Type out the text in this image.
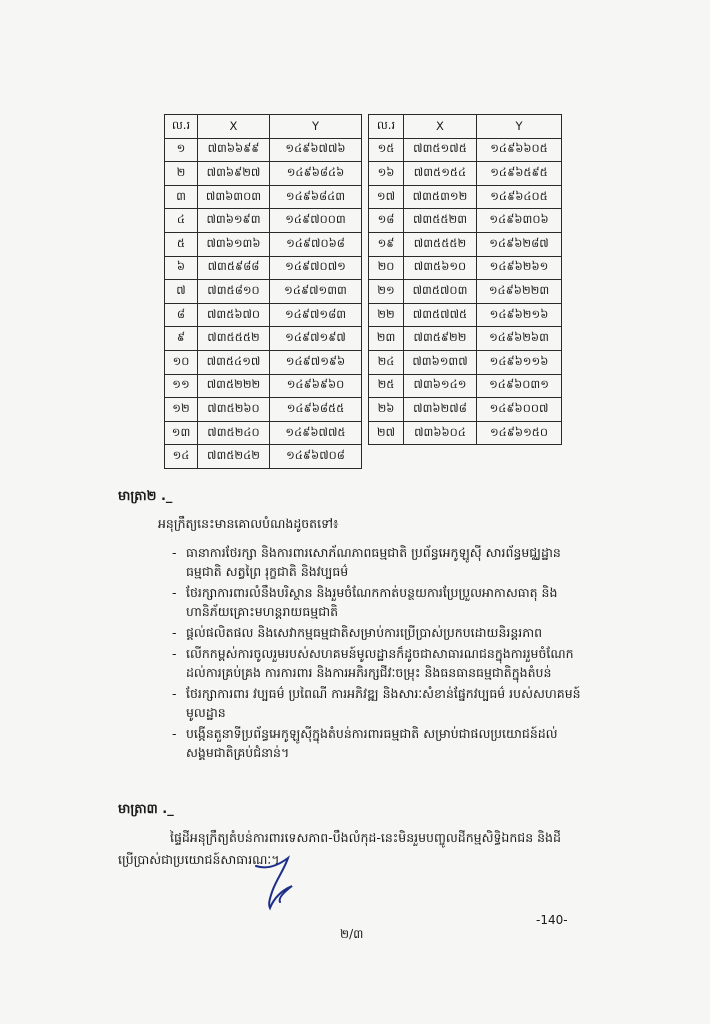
ល.រ	X	Y
១	៧៣៦៦៩៩	១៤៩៦៧៧៦
២	៧៣៦៩២៧	១៤៩៦៨៤៦
៣	៧៣៦៣០៣	១៤៩៦៨៤៣
៤	៧៣៦១៩៣	១៤៩៧០០៣
៥	៧៣៦១៣៦	១៤៩៧០៦៨
៦	៧៣៥៩៨៨	១៤៩៧០៧១
៧	៧៣៥៨១០	១៤៩៧១៣៣
៨	៧៣៥៦៧០	១៤៩៧១៨៣
៩	៧៣៥៥៥២	១៤៩៧១៩៧
១០	៧៣៥៤១៧	១៤៩៧១៩៦
១១	៧៣៥២២២	១៤៩៦៩៦០
១២	៧៣៥២៦០	១៤៩៦៨៥៥
១៣	៧៣៥២៤០	១៤៩៦៧៧៥
១៤	៧៣៥២៤២	១៤៩៦៧០៨
ល.រ	X	Y
១៥	៧៣៥១៧៥	១៤៩៦៦០៥
១៦	៧៣៥១៥៤	១៤៩៦៥៩៥
១៧	៧៣៥៣១២	១៤៩៦៤០៥
១៨	៧៣៥៥២៣	១៤៩៦៣០៦
១៩	៧៣៥៥៥២	១៤៩៦២៨៧
២០	៧៣៥៦១០	១៤៩៦២៦១
២១	៧៣៥៧០៣	១៤៩៦២២៣
២២	៧៣៥៧៧៥	១៤៩៦២១៦
២៣	៧៣៥៩២២	១៤៩៦២៦៣
២៤	៧៣៦១៣៧	១៤៩៦១១៦
២៥	៧៣៦១៤១	១៤៩៦០៣១
២៦	៧៣៦២៧៨	១៤៩៦០០៧
២៧	៧៣៦៦០៤	១៤៩៦១៥០
មាត្រា២ ._
អនុក្រឹត្យនេះមានគោលបំណងដូចតទៅ៖
- ធានាការថែរក្សា និងការពារសោភ័ណភាពធម្មជាតិ ប្រព័ន្ធអេកូឡូស៊ី សារព័ន្ធមជ្ឈដ្ឋាន
ធម្មជាតិ សត្វព្រៃ រុក្ខជាតិ និងវប្បធម៌
- ថែរក្សាការពារលំនឹងបរិស្ថាន និងរួមចំណែកកាត់បន្ថយការប្រែប្រួលអាកាសធាតុ និង
ហានិភ័យគ្រោះមហន្តរាយធម្មជាតិ
- ផ្តល់ផលិតផល និងសេវាកម្មធម្មជាតិសម្រាប់ការប្រើប្រាស់ប្រកបដោយនិរន្តរភាព
- លើកកម្ពស់ការចូលរួមរបស់សហគមន៍មូលដ្ឋានក៏ដូចជាសាធារណជនក្នុងការរួមចំណែក
ដល់ការគ្រប់គ្រង ការការពារ និងការអភិរក្សជីវៈចម្រុះ និងធនធានធម្មជាតិក្នុងតំបន់
- ថែរក្សាការពារ វប្បធម៌ ប្រពៃណី ការអភិវឌ្ឍ និងសារៈសំខាន់ផ្នែកវប្បធម៌ របស់សហគមន៍
មូលដ្ឋាន
- បង្កើនតួនាទីប្រព័ន្ធអេកូឡូស៊ីក្នុងតំបន់ការពារធម្មជាតិ សម្រាប់ជាផលប្រយោជន៍ដល់
សង្គមជាតិគ្រប់ជំនាន់។
មាត្រា៣ ._
ផ្ទៃដីអនុក្រឹត្យតំបន់ការពារទេសភាព-បឹងលំកុដ-នេះមិនរួមបញ្ចូលដីកម្មសិទ្ធិឯកជន និងដី
ប្រើប្រាស់ជាប្រយោជន៍សាធារណៈ។
-140-
២/៣
